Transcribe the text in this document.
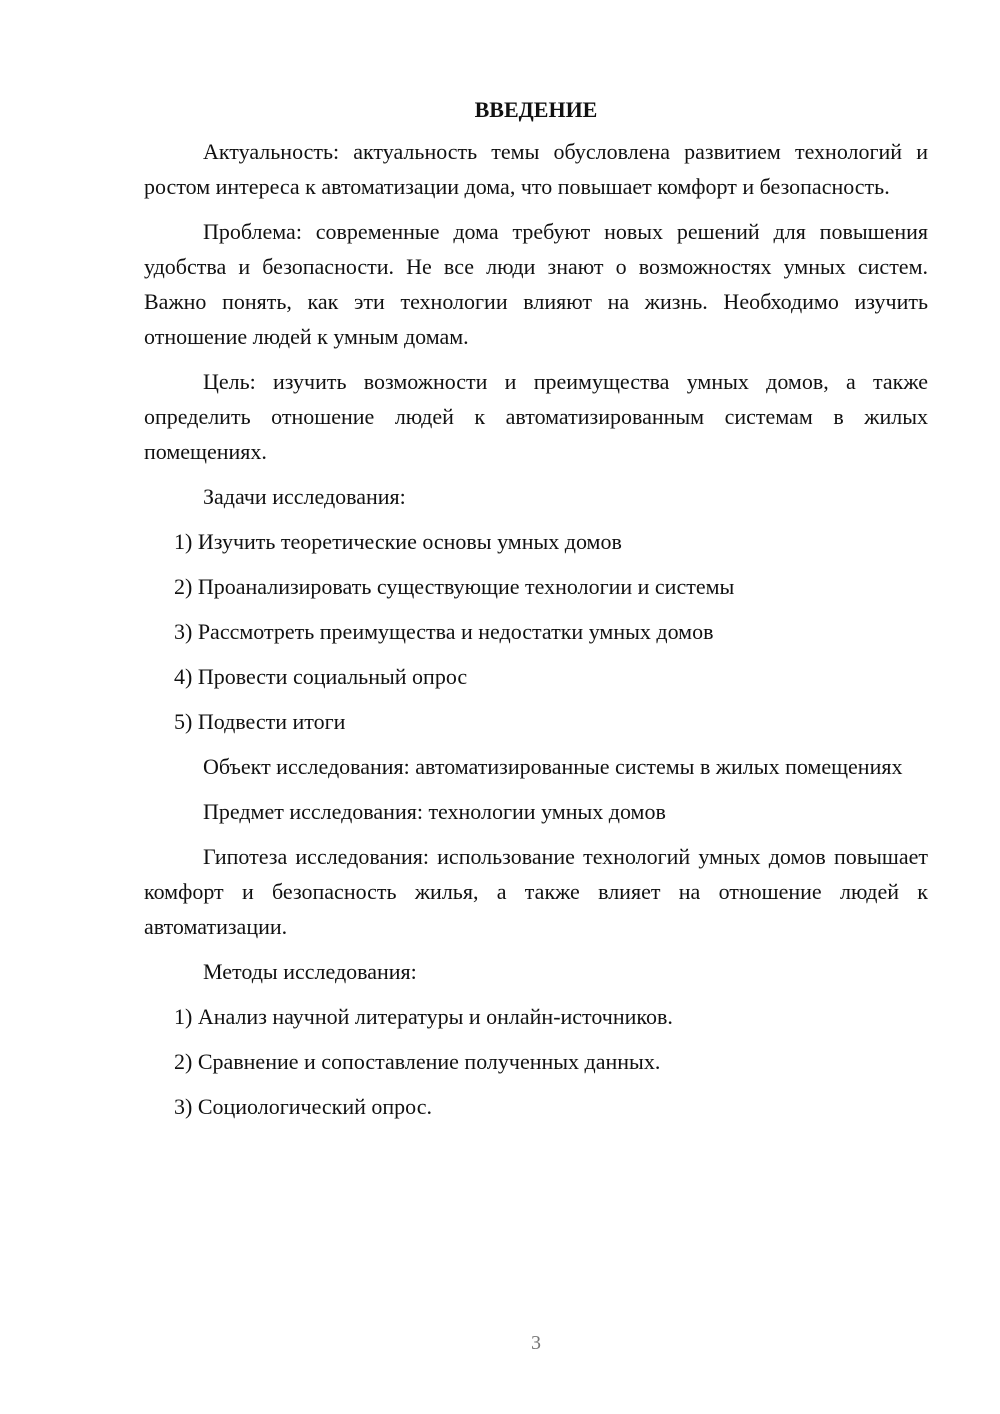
ВВЕДЕНИЕ

Актуальность: актуальность темы обусловлена развитием технологий и ростом интереса к автоматизации дома, что повышает комфорт и безопасность.

Проблема: современные дома требуют новых решений для повышения удобства и безопасности. Не все люди знают о возможностях умных систем. Важно понять, как эти технологии влияют на жизнь. Необходимо изучить отношение людей к умным домам.

Цель: изучить возможности и преимущества умных домов, а также определить отношение людей к автоматизированным системам в жилых помещениях.

Задачи исследования:

1) Изучить теоретические основы умных домов
2) Проанализировать существующие технологии и системы
3) Рассмотреть преимущества и недостатки умных домов
4) Провести социальный опрос
5) Подвести итоги

Объект исследования: автоматизированные системы в жилых помещениях

Предмет исследования: технологии умных домов

Гипотеза исследования: использование технологий умных домов повышает комфорт и безопасность жилья, а также влияет на отношение людей к автоматизации.

Методы исследования:

1) Анализ научной литературы и онлайн-источников.
2) Сравнение и сопоставление полученных данных.
3) Социологический опрос.
3
